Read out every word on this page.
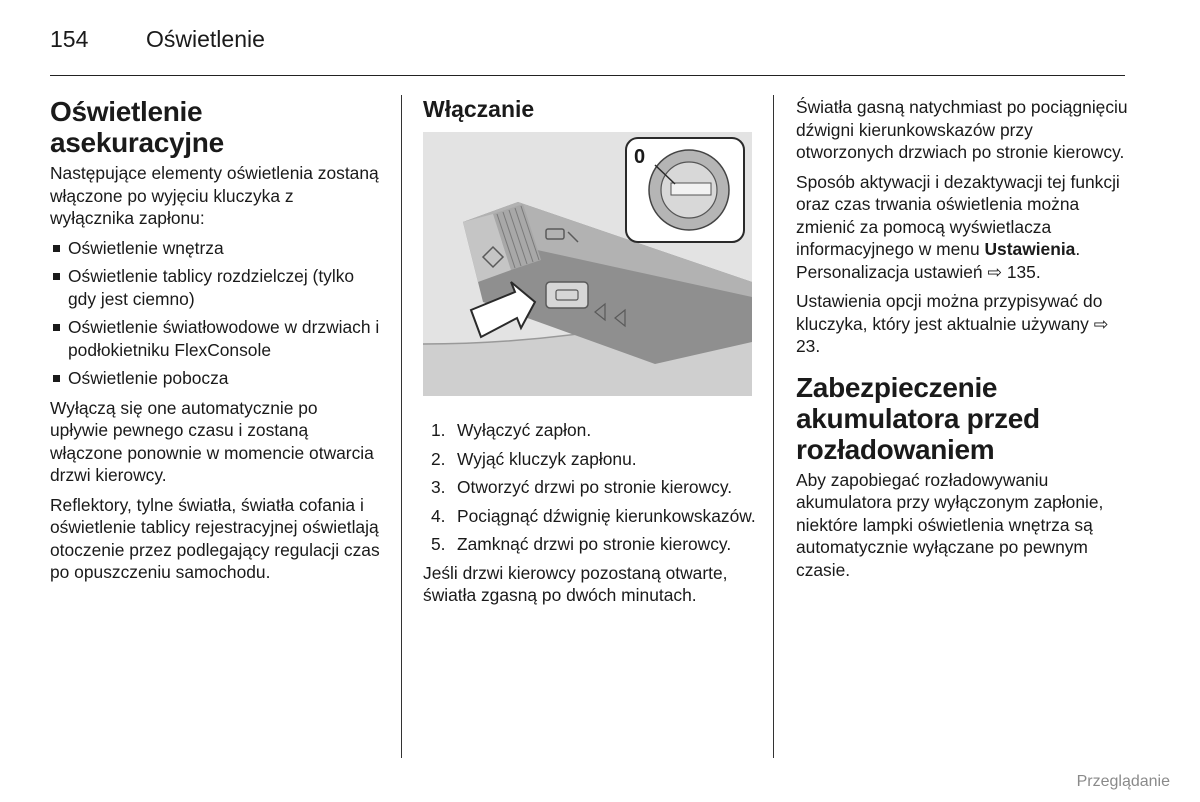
154	Oświetlenie
Oświetlenie asekuracyjne

Następujące elementy oświetlenia zostaną włączone po wyjęciu kluczyka z wyłącznika zapłonu:

Oświetlenie wnętrza
Oświetlenie tablicy rozdzielczej (tylko gdy jest ciemno)
Oświetlenie światłowodowe w drzwiach i podłokietniku FlexConsole
Oświetlenie pobocza

Wyłączą się one automatycznie po upływie pewnego czasu i zostaną włączone ponownie w momencie otwarcia drzwi kierowcy.

Reflektory, tylne światła, światła cofania i oświetlenie tablicy rejestracyjnej oświetlają otoczenie przez podlegający regulacji czas po opuszczeniu samochodu.

Włączanie
0
1. Wyłączyć zapłon.
2. Wyjąć kluczyk zapłonu.
3. Otworzyć drzwi po stronie kierowcy.
4. Pociągnąć dźwignię kierunkowskazów.
5. Zamknąć drzwi po stronie kierowcy.

Jeśli drzwi kierowcy pozostaną otwarte, światła zgasną po dwóch minutach.

Światła gasną natychmiast po pociągnięciu dźwigni kierunkowskazów przy otworzonych drzwiach po stronie kierowcy.

Sposób aktywacji i dezaktywacji tej funkcji oraz czas trwania oświetlenia można zmienić za pomocą wyświetlacza informacyjnego w menu Ustawienia. Personalizacja ustawień ⇨ 135.

Ustawienia opcji można przypisywać do kluczyka, który jest aktualnie używany ⇨ 23.

Zabezpieczenie akumulatora przed rozładowaniem

Aby zapobiegać rozładowywaniu akumulatora przy wyłączonym zapłonie, niektóre lampki oświetlenia wnętrza są automatycznie wyłączane po pewnym czasie.

Przeglądanie
